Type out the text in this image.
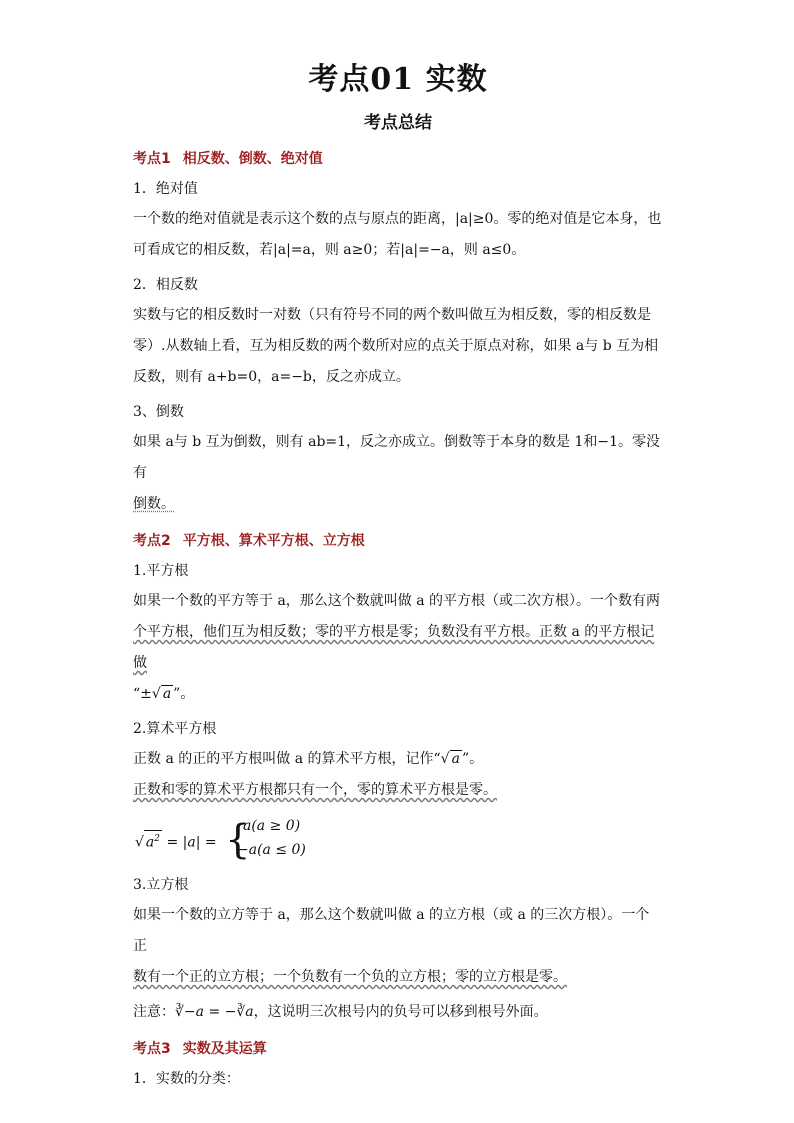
考点01 实数
考点总结
考点1 相反数、倒数、绝对值
1．绝对值

一个数的绝对值就是表示这个数的点与原点的距离，|a|≥0。零的绝对值是它本身，也
可看成它的相反数，若|a|=a，则 a≥0；若|a|=−a，则 a≤0。

2．相反数

实数与它的相反数时一对数（只有符号不同的两个数叫做互为相反数，零的相反数是
零）.从数轴上看，互为相反数的两个数所对应的点关于原点对称，如果 a与 b 互为相
反数，则有 a+b=0，a=−b，反之亦成立。

3、倒数

如果 a与 b 互为倒数，则有 ab=1，反之亦成立。倒数等于本身的数是 1和−1。零没有
倒数。

考点2 平方根、算术平方根、立方根
1.平方根

如果一个数的平方等于 a，那么这个数就叫做 a 的平方根（或二次方根）。一个数有两
个平方根，他们互为相反数；零的平方根是零；负数没有平方根。正数 a 的平方根记做
“±√ a ”。

2.算术平方根

正数 a 的正的平方根叫做 a 的算术平方根，记作“√ a ”。
正数和零的算术平方根都只有一个，零的算术平方根是零。

√ $a^2 = |a|$ = {
a(a ≥ 0)
−a(a ≤ 0)
3.立方根

如果一个数的立方等于 a，那么这个数就叫做 a 的立方根（或 a 的三次方根）。一个正
数有一个正的立方根；一个负数有一个负的立方根；零的立方根是零。

注意：∛−a = −∛a，这说明三次根号内的负号可以移到根号外面。
考点3 实数及其运算
1．实数的分类：
